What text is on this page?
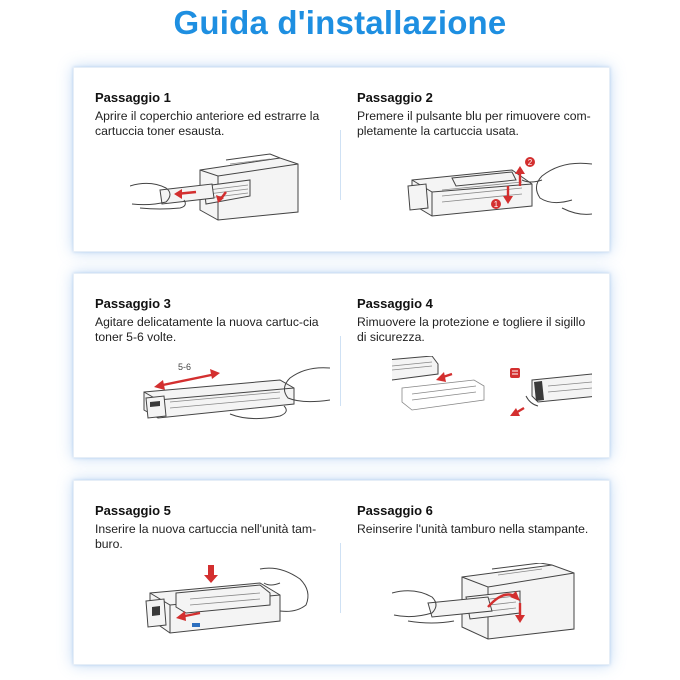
Guida d'installazione
Passaggio 1
Aprire il coperchio anteriore ed estrarre la cartuccia toner esausta.
Passaggio 2
Premere il pulsante blu per rimuovere com-pletamente la cartuccia usata.
2
1
Passaggio 3
Agitare delicatamente la nuova cartuc-cia toner 5-6 volte.
5-6
Passaggio 4
Rimuovere la protezione e togliere il sigillo di sicurezza.
Passaggio 5
Inserire la nuova cartuccia nell'unità tam-buro.
Passaggio 6
Reinserire l'unità tamburo nella stampante.
